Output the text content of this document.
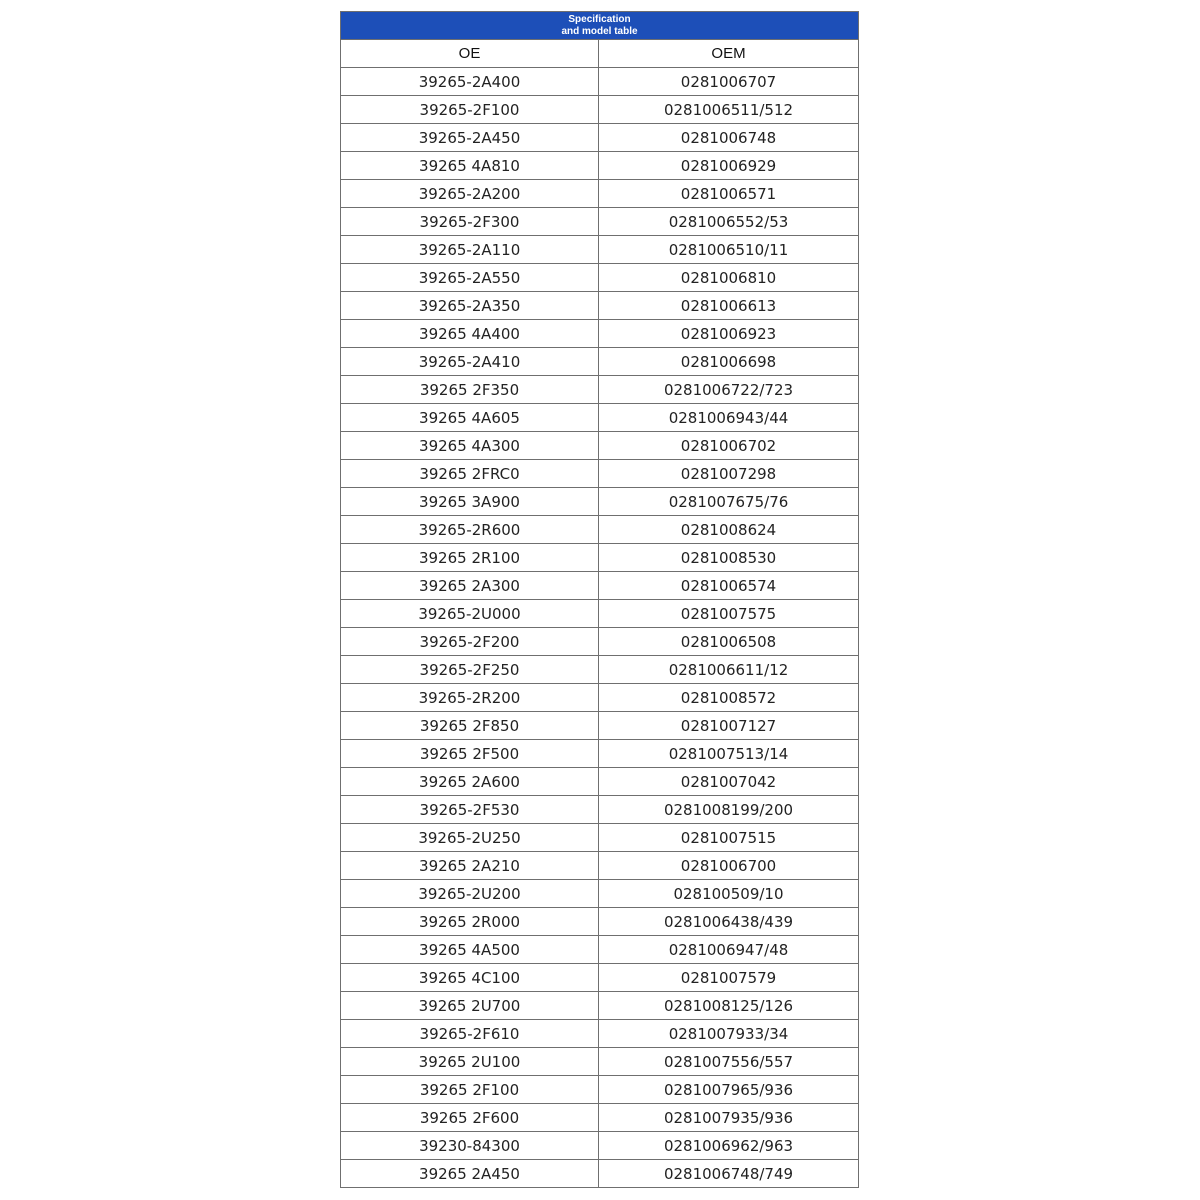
Specification
and model table
OE	OEM
39265-2A400	0281006707
39265-2F100	0281006511/512
39265-2A450	0281006748
39265 4A810	0281006929
39265-2A200	0281006571
39265-2F300	0281006552/53
39265-2A110	0281006510/11
39265-2A550	0281006810
39265-2A350	0281006613
39265 4A400	0281006923
39265-2A410	0281006698
39265 2F350	0281006722/723
39265 4A605	0281006943/44
39265 4A300	0281006702
39265 2FRC0	0281007298
39265 3A900	0281007675/76
39265-2R600	0281008624
39265 2R100	0281008530
39265 2A300	0281006574
39265-2U000	0281007575
39265-2F200	0281006508
39265-2F250	0281006611/12
39265-2R200	0281008572
39265 2F850	0281007127
39265 2F500	0281007513/14
39265 2A600	0281007042
39265-2F530	0281008199/200
39265-2U250	0281007515
39265 2A210	0281006700
39265-2U200	028100509/10
39265 2R000	0281006438/439
39265 4A500	0281006947/48
39265 4C100	0281007579
39265 2U700	0281008125/126
39265-2F610	0281007933/34
39265 2U100	0281007556/557
39265 2F100	0281007965/936
39265 2F600	0281007935/936
39230-84300	0281006962/963
39265 2A450	0281006748/749
